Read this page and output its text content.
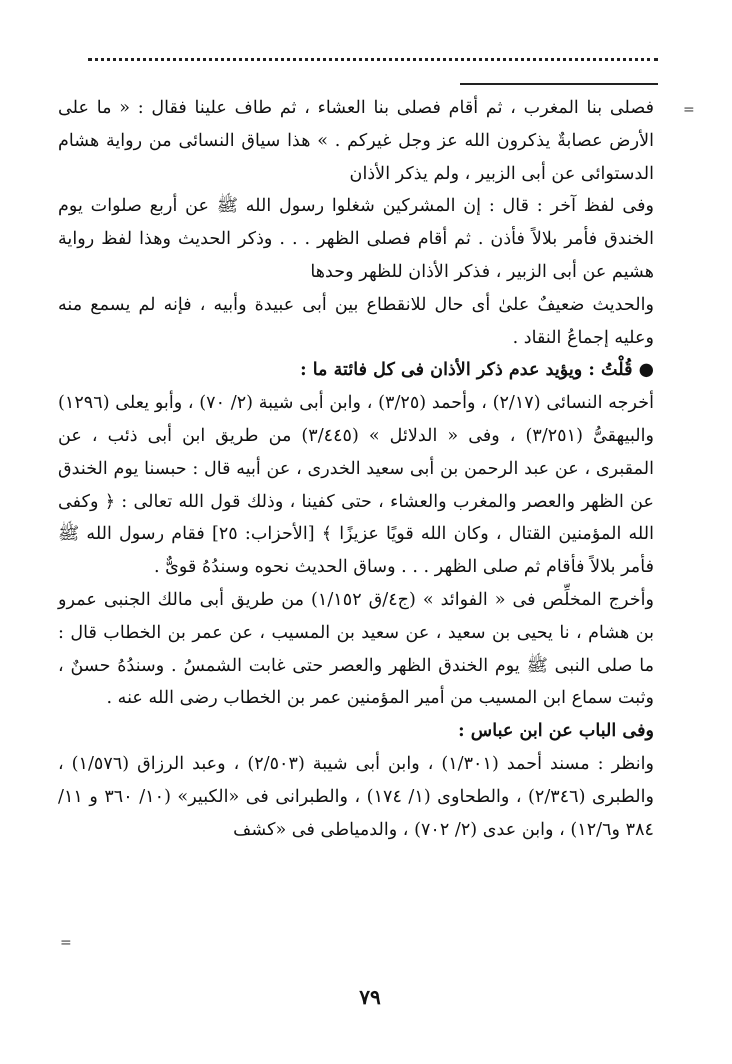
=
=

فصلى بنا المغرب ، ثم أقام فصلى بنا العشاء ، ثم طاف علينا فقال : « ما على الأرض عصابةٌ يذكرون الله عز وجل غيركم . » هذا سياق النسائى من رواية هشام الدستوائى عن أبى الزبير ، ولم يذكر الأذان

وفى لفظ آخر : قال : إن المشركين شغلوا رسول الله ﷺ عن أربع صلوات يوم الخندق فأمر بلالاً فأذن . ثم أقام فصلى الظهر . . . وذكر الحديث وهذا لفظ رواية هشيم عن أبى الزبير ، فذكر الأذان للظهر وحدها

والحديث ضعيفٌ علىٰ أى حال للانقطاع بين أبى عبيدة وأبيه ، فإنه لم يسمع منه وعليه إجماعُ النقاد .

● قُلْتُ : ويؤيد عدم ذكر الأذان فى كل فائتة ما :

أخرجه النسائى (٢/١٧) ، وأحمد (٣/٢٥) ، وابن أبى شيبة (٢/ ٧٠) ، وأبو يعلى (١٢٩٦) والبيهقىُّ (٣/٢٥١) ، وفى « الدلائل » (٣/٤٤٥) من طريق ابن أبى ذئب ، عن المقبرى ، عن عبد الرحمن بن أبى سعيد الخدرى ، عن أبيه قال : حبسنا يوم الخندق عن الظهر والعصر والمغرب والعشاء ، حتى كفينا ، وذلك قول الله تعالى : ﴿ وكفى الله المؤمنين القتال ، وكان الله قويًا عزيزًا ﴾ [الأحزاب: ٢٥] فقام رسول الله ﷺ فأمر بلالاً فأقام ثم صلى الظهر . . . وساق الحديث نحوه وسندُهُ قوىٌّ .

وأخرج المخلِّص فى « الفوائد » (ج٤/ق ١/١٥٢) من طريق أبى مالك الجنبى عمرو بن هشام ، نا يحيى بن سعيد ، عن سعيد بن المسيب ، عن عمر بن الخطاب قال : ما صلى النبى ﷺ يوم الخندق الظهر والعصر حتى غابت الشمسُ . وسندُهُ حسنٌ ، وثبت سماع ابن المسيب من أمير المؤمنين عمر بن الخطاب رضى الله عنه .

وفى الباب عن ابن عباس :

وانظر : مسند أحمد (١/٣٠١) ، وابن أبى شيبة (٢/٥٠٣) ، وعبد الرزاق (١/٥٧٦) ، والطبرى (٢/٣٤٦) ، والطحاوى (١/ ١٧٤) ، والطبرانى فى «الكبير» (١٠/ ٣٦٠ و ١١/ ٣٨٤ و١٢/٦) ، وابن عدى (٢/ ٧٠٢) ، والدمياطى فى «كشف

٧٩
